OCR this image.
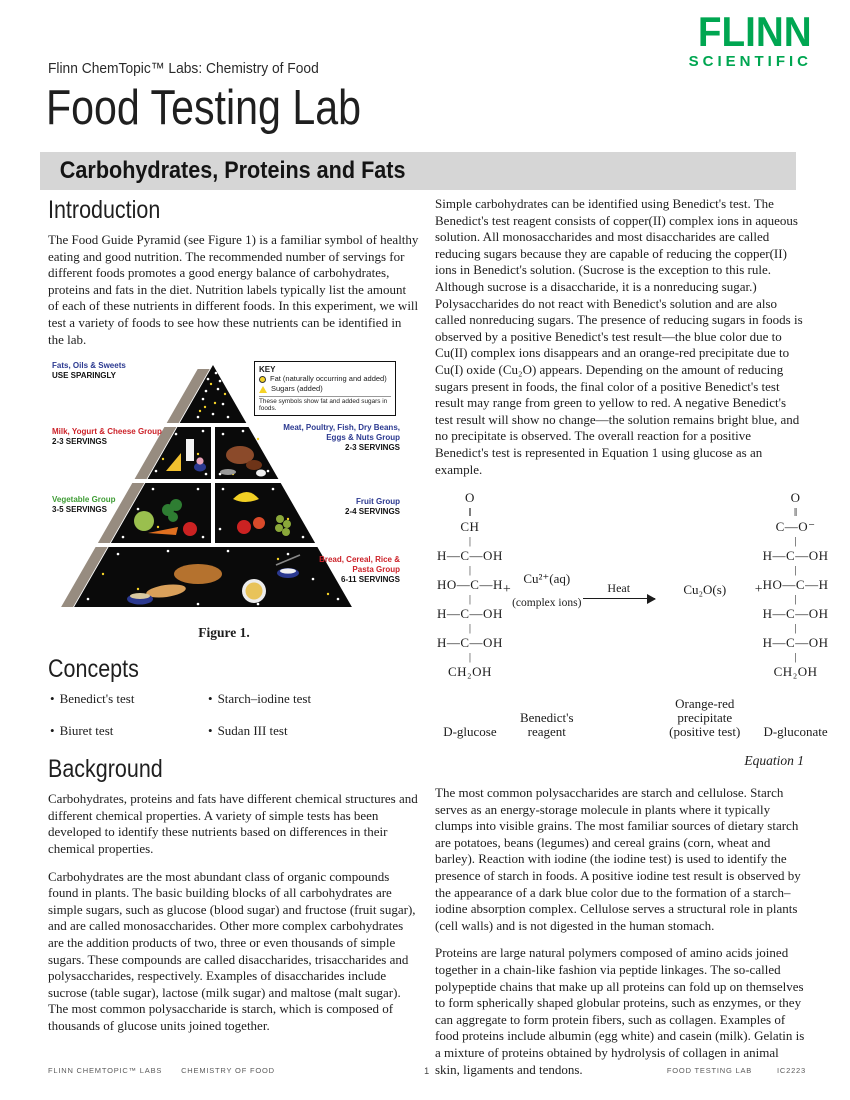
FLINN
SCIENTIFIC
Flinn ChemTopic™ Labs: Chemistry of Food
Food Testing Lab
Carbohydrates, Proteins and Fats
Introduction

The Food Guide Pyramid (see Figure 1) is a familiar symbol of healthy eating and good nutrition. The recommended number of servings for different foods promotes a good energy balance of carbohydrates, proteins and fats in the diet. Nutrition labels typically list the amount of each of these nutrients in different foods. In this experiment, we will test a variety of foods to see how these nutrients can be identified in the lab.

Fats, Oils & Sweets
USE SPARINGLY
KEY
Fat (naturally occurring and added)
Sugars (added)
These symbols show fat and added sugars in foods.
Milk, Yogurt & Cheese Group
2-3 SERVINGS
Meat, Poultry, Fish, Dry Beans, Eggs & Nuts Group
2-3 SERVINGS
Vegetable Group
3-5 SERVINGS
Fruit Group
2-4 SERVINGS
Bread, Cereal, Rice & Pasta Group
6-11 SERVINGS
Figure 1.
Concepts
• Benedict's test	• Starch–iodine test
• Biuret test	• Sudan III test
Background

Carbohydrates, proteins and fats have different chemical structures and different chemical properties. A variety of simple tests has been developed to identify these nutrients based on differences in their chemical properties.

Carbohydrates are the most abundant class of organic compounds found in plants. The basic building blocks of all carbohydrates are simple sugars, such as glucose (blood sugar) and fructose (fruit sugar), and are called monosaccharides. Other more complex carbohydrates are the addition products of two, three or even thousands of simple sugars. These compounds are called disaccharides, trisaccharides and polysaccharides, respectively. Examples of disaccharides include sucrose (table sugar), lactose (milk sugar) and maltose (malt sugar). The most common polysaccharide is starch, which is composed of thousands of glucose units joined together.

Simple carbohydrates can be identified using Benedict's test. The Benedict's test reagent consists of copper(II) complex ions in aqueous solution. All monosaccharides and most disaccharides are called reducing sugars because they are capable of reducing the copper(II) ions in Benedict's solution. (Sucrose is the exception to this rule. Although sucrose is a disaccharide, it is a nonreducing sugar.) Polysaccharides do not react with Benedict's solution and are also called nonreducing sugars. The presence of reducing sugars in foods is observed by a positive Benedict's test result—the blue color due to Cu(II) complex ions disappears and an orange-red precipitate due to Cu(I) oxide (Cu₂O) appears. Depending on the amount of reducing sugars present in foods, the final color of a positive Benedict's test result may range from green to yellow to red. A negative Benedict's test result will show no change—the solution remains bright blue, and no precipitate is observed. The overall reaction for a positive Benedict's test is represented in Equation 1 using glucose as an example.

O
‖
CH
|
H—C—OH
|
HO—C—H
|
H—C—OH
|
H—C—OH
|
CH₂OH
D-glucose
+
Cu²⁺(aq)
(complex ions)
Benedict's reagent
Heat	Cu₂O(s)
Orange-red precipitate (positive test)
+
O
‖
C—O⁻
|
H—C—OH
|
HO—C—H
|
H—C—OH
|
H—C—OH
|
CH₂OH
D-gluconate
Equation 1

The most common polysaccharides are starch and cellulose. Starch serves as an energy-storage molecule in plants where it typically clumps into visible grains. The most familiar sources of dietary starch are potatoes, beans (legumes) and cereal grains (corn, wheat and barley). Reaction with iodine (the iodine test) is used to identify the presence of starch in foods. A positive iodine test result is observed by the appearance of a dark blue color due to the formation of a starch–iodine absorption complex. Cellulose serves a structural role in plants (cell walls) and is not digested in the human stomach.

Proteins are large natural polymers composed of amino acids joined together in a chain-like fashion via peptide linkages. The so-called polypeptide chains that make up all proteins can fold up on themselves to form spherically shaped globular proteins, such as enzymes, or they can aggregate to form protein fibers, such as collagen. Examples of food proteins include albumin (egg white) and casein (milk). Gelatin is a mixture of proteins obtained by hydrolysis of collagen in animal skin, ligaments and tendons.

FLINN CHEMTOPIC™ LABS	CHEMISTRY OF FOOD	1	FOOD TESTING LAB	IC2223
